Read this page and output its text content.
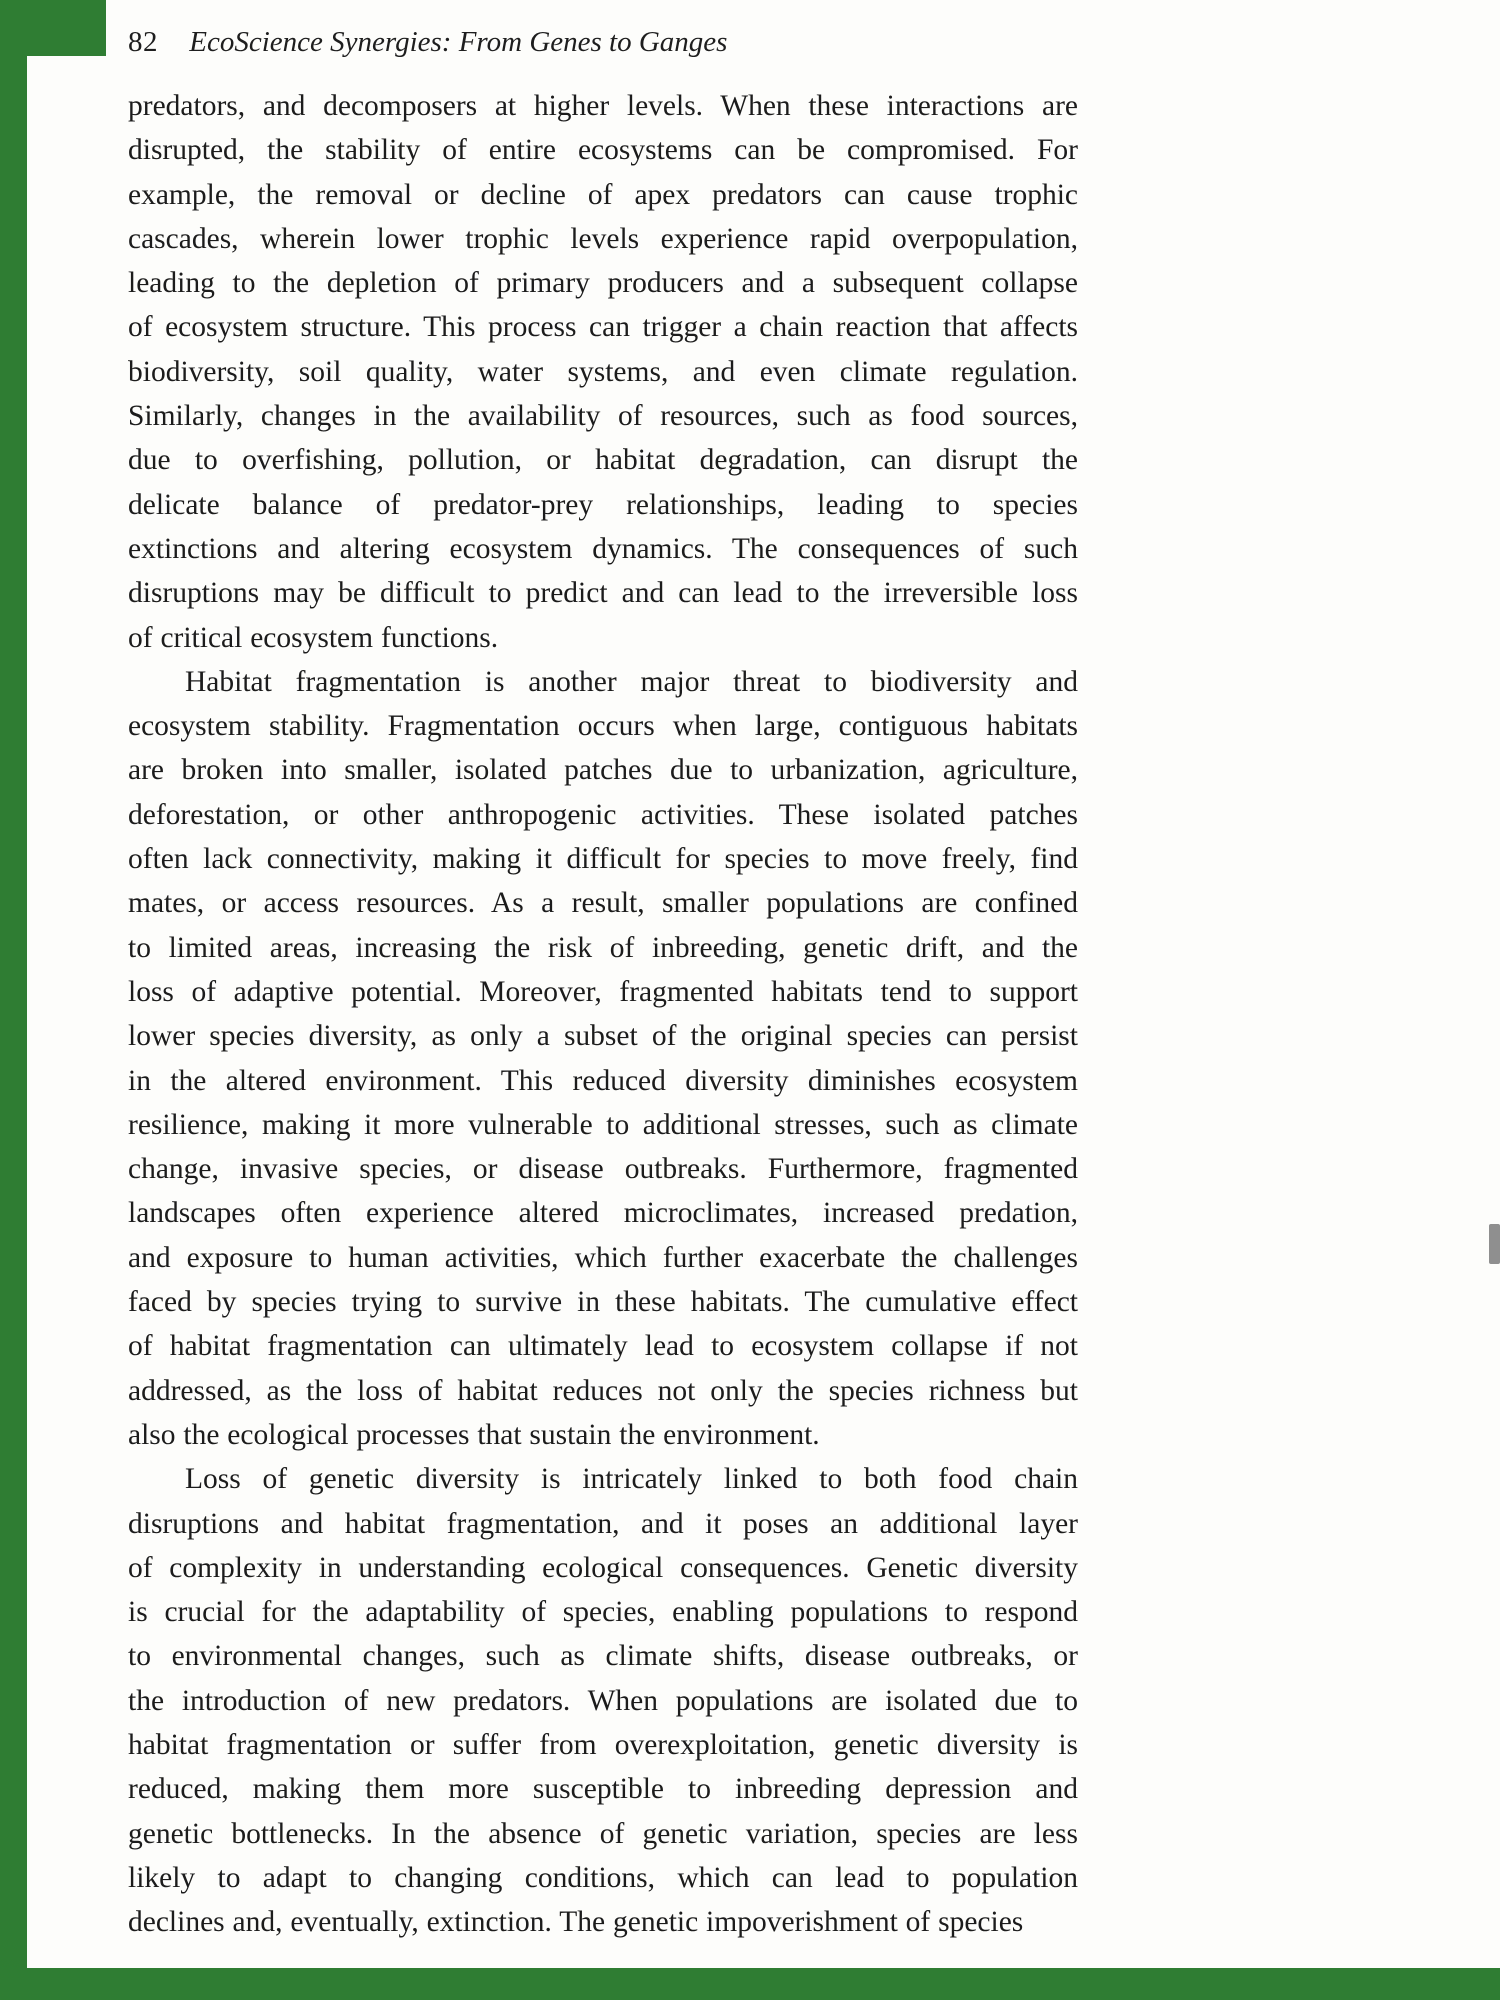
82 EcoScience Synergies: From Genes to Ganges
predators, and decomposers at higher levels. When these interactions are
disrupted, the stability of entire ecosystems can be compromised. For
example, the removal or decline of apex predators can cause trophic
cascades, wherein lower trophic levels experience rapid overpopulation,
leading to the depletion of primary producers and a subsequent collapse
of ecosystem structure. This process can trigger a chain reaction that affects
biodiversity, soil quality, water systems, and even climate regulation.
Similarly, changes in the availability of resources, such as food sources,
due to overfishing, pollution, or habitat degradation, can disrupt the
delicate balance of predator-prey relationships, leading to species
extinctions and altering ecosystem dynamics. The consequences of such
disruptions may be difficult to predict and can lead to the irreversible loss
of critical ecosystem functions.
Habitat fragmentation is another major threat to biodiversity and
ecosystem stability. Fragmentation occurs when large, contiguous habitats
are broken into smaller, isolated patches due to urbanization, agriculture,
deforestation, or other anthropogenic activities. These isolated patches
often lack connectivity, making it difficult for species to move freely, find
mates, or access resources. As a result, smaller populations are confined
to limited areas, increasing the risk of inbreeding, genetic drift, and the
loss of adaptive potential. Moreover, fragmented habitats tend to support
lower species diversity, as only a subset of the original species can persist
in the altered environment. This reduced diversity diminishes ecosystem
resilience, making it more vulnerable to additional stresses, such as climate
change, invasive species, or disease outbreaks. Furthermore, fragmented
landscapes often experience altered microclimates, increased predation,
and exposure to human activities, which further exacerbate the challenges
faced by species trying to survive in these habitats. The cumulative effect
of habitat fragmentation can ultimately lead to ecosystem collapse if not
addressed, as the loss of habitat reduces not only the species richness but
also the ecological processes that sustain the environment.
Loss of genetic diversity is intricately linked to both food chain
disruptions and habitat fragmentation, and it poses an additional layer
of complexity in understanding ecological consequences. Genetic diversity
is crucial for the adaptability of species, enabling populations to respond
to environmental changes, such as climate shifts, disease outbreaks, or
the introduction of new predators. When populations are isolated due to
habitat fragmentation or suffer from overexploitation, genetic diversity is
reduced, making them more susceptible to inbreeding depression and
genetic bottlenecks. In the absence of genetic variation, species are less
likely to adapt to changing conditions, which can lead to population
declines and, eventually, extinction. The genetic impoverishment of species
